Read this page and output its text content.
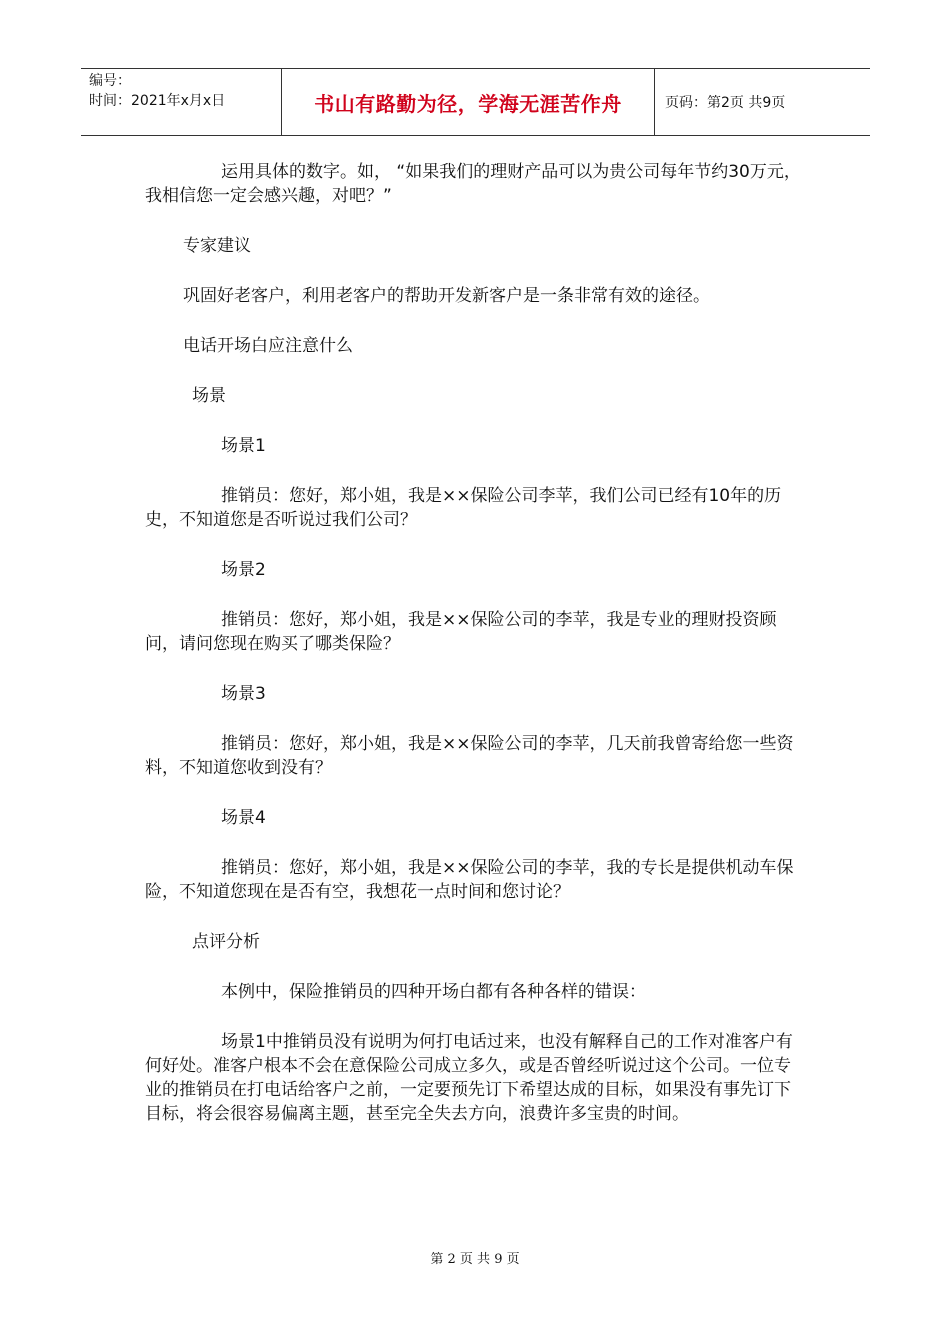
编号：
时间：2021年x月x日	书山有路勤为径，学海无涯苦作舟	页码：第2页 共9页

运用具体的数字。如， “如果我们的理财产品可以为贵公司每年节约30万元，我相信您一定会感兴趣，对吧？”

专家建议

巩固好老客户，利用老客户的帮助开发新客户是一条非常有效的途径。

电话开场白应注意什么

场景

场景1

推销员：您好，郑小姐，我是××保险公司李苹，我们公司已经有10年的历史，不知道您是否听说过我们公司？

场景2

推销员：您好，郑小姐，我是××保险公司的李苹，我是专业的理财投资顾问，请问您现在购买了哪类保险？

场景3

推销员：您好，郑小姐，我是××保险公司的李苹，几天前我曾寄给您一些资料，不知道您收到没有？

场景4

推销员：您好，郑小姐，我是××保险公司的李苹，我的专长是提供机动车保险，不知道您现在是否有空，我想花一点时间和您讨论？

点评分析

本例中，保险推销员的四种开场白都有各种各样的错误：

场景1中推销员没有说明为何打电话过来，也没有解释自己的工作对准客户有何好处。准客户根本不会在意保险公司成立多久，或是否曾经听说过这个公司。一位专业的推销员在打电话给客户之前，一定要预先订下希望达成的目标，如果没有事先订下目标，将会很容易偏离主题，甚至完全失去方向，浪费许多宝贵的时间。

第 2 页 共 9 页
